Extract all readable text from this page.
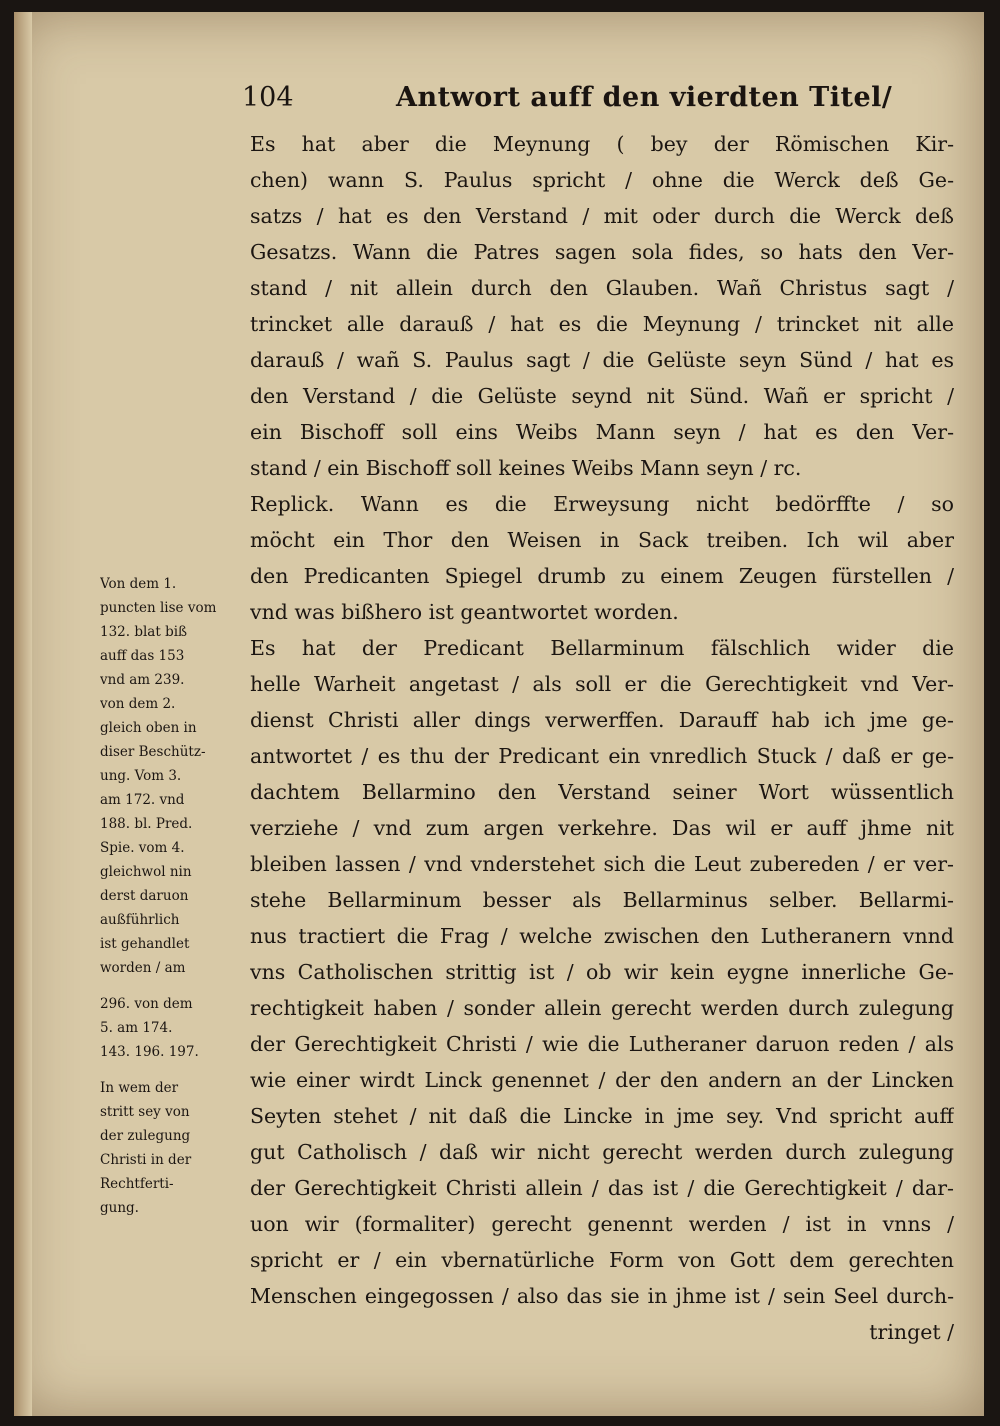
104	Antwort auff den vierdten Titel/
Es hat aber die Meynung ( bey der Römischen Kir-
chen) wann S. Paulus spricht / ohne die Werck deß Ge-
satzs / hat es den Verstand / mit oder durch die Werck deß
Gesatzs. Wann die Patres sagen sola fides, so hats den Ver-
stand / nit allein durch den Glauben. Wañ Christus sagt /
trincket alle darauß / hat es die Meynung / trincket nit alle
darauß / wañ S. Paulus sagt / die Gelüste seyn Sünd / hat es
den Verstand / die Gelüste seynd nit Sünd. Wañ er spricht /
ein Bischoff soll eins Weibs Mann seyn / hat es den Ver-
stand / ein Bischoff soll keines Weibs Mann seyn / rc.
Replick. Wann es die Erweysung nicht bedörffte / so
möcht ein Thor den Weisen in Sack treiben. Ich wil aber
den Predicanten Spiegel drumb zu einem Zeugen fürstellen /
vnd was bißhero ist geantwortet worden.
Es hat der Predicant Bellarminum fälschlich wider die
helle Warheit angetast / als soll er die Gerechtigkeit vnd Ver-
dienst Christi aller dings verwerffen. Darauff hab ich jme ge-
antwortet / es thu der Predicant ein vnredlich Stuck / daß er ge-
dachtem Bellarmino den Verstand seiner Wort wüssentlich
verziehe / vnd zum argen verkehre. Das wil er auff jhme nit
bleiben lassen / vnd vnderstehet sich die Leut zubereden / er ver-
stehe Bellarminum besser als Bellarminus selber. Bellarmi-
nus tractiert die Frag / welche zwischen den Lutheranern vnnd
vns Catholischen strittig ist / ob wir kein eygne innerliche Ge-
rechtigkeit haben / sonder allein gerecht werden durch zulegung
der Gerechtigkeit Christi / wie die Lutheraner daruon reden / als
wie einer wirdt Linck genennet / der den andern an der Lincken
Seyten stehet / nit daß die Lincke in jme sey. Vnd spricht auff
gut Catholisch / daß wir nicht gerecht werden durch zulegung
der Gerechtigkeit Christi allein / das ist / die Gerechtigkeit / dar-
uon wir (formaliter) gerecht genennt werden / ist in vnns /
spricht er / ein vbernatürliche Form von Gott dem gerechten
Menschen eingegossen / also das sie in jhme ist / sein Seel durch-
tringet /
Von dem 1.
puncten lise vom
132. blat biß
auff das 153
vnd am 239.
von dem 2.
gleich oben in
diser Beschütz-
ung. Vom 3.
am 172. vnd
188. bl. Pred.
Spie. vom 4.
gleichwol nin
derst daruon
außführlich
ist gehandlet
worden / am
296. von dem
5. am 174.
143. 196. 197.
In wem der
stritt sey von
der zulegung
Christi in der
Rechtferti-
gung.
